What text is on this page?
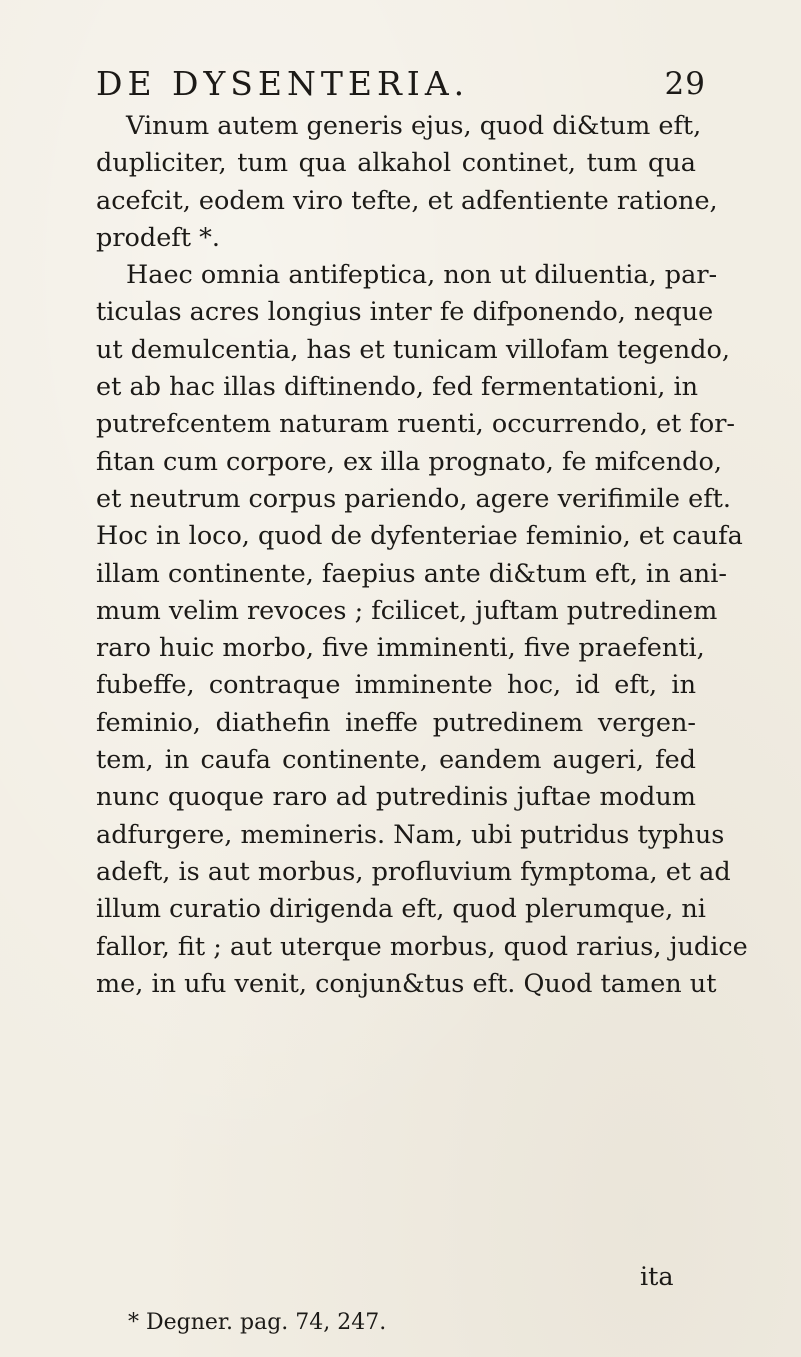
DE DYSENTERIA.	29
Vinum autem generis ejus, quod di&tum eft,
dupliciter, tum qua alkahol continet, tum qua
acefcit, eodem viro tefte, et adfentiente ratione,
prodeft *.
Haec omnia antifeptica, non ut diluentia, par-
ticulas acres longius inter fe difponendo, neque
ut demulcentia, has et tunicam villofam tegendo,
et ab hac illas diftinendo, fed fermentationi, in
putrefcentem naturam ruenti, occurrendo, et for-
fitan cum corpore, ex illa prognato, fe mifcendo,
et neutrum corpus pariendo, agere verifimile eft.
Hoc in loco, quod de dyfenteriae feminio, et caufa
illam continente, faepius ante di&tum eft, in ani-
mum velim revoces ; fcilicet, juftam putredinem
raro huic morbo, five imminenti, five praefenti,
fubeffe, contraque imminente hoc, id eft, in
feminio, diathefin ineffe putredinem vergen-
tem, in caufa continente, eandem augeri, fed
nunc quoque raro ad putredinis juftae modum
adfurgere, memineris. Nam, ubi putridus typhus
adeft, is aut morbus, profluvium fymptoma, et ad
illum curatio dirigenda eft, quod plerumque, ni
fallor, fit ; aut uterque morbus, quod rarius, judice
me, in ufu venit, conjun&tus eft. Quod tamen ut
ita
* Degner. pag. 74, 247.
